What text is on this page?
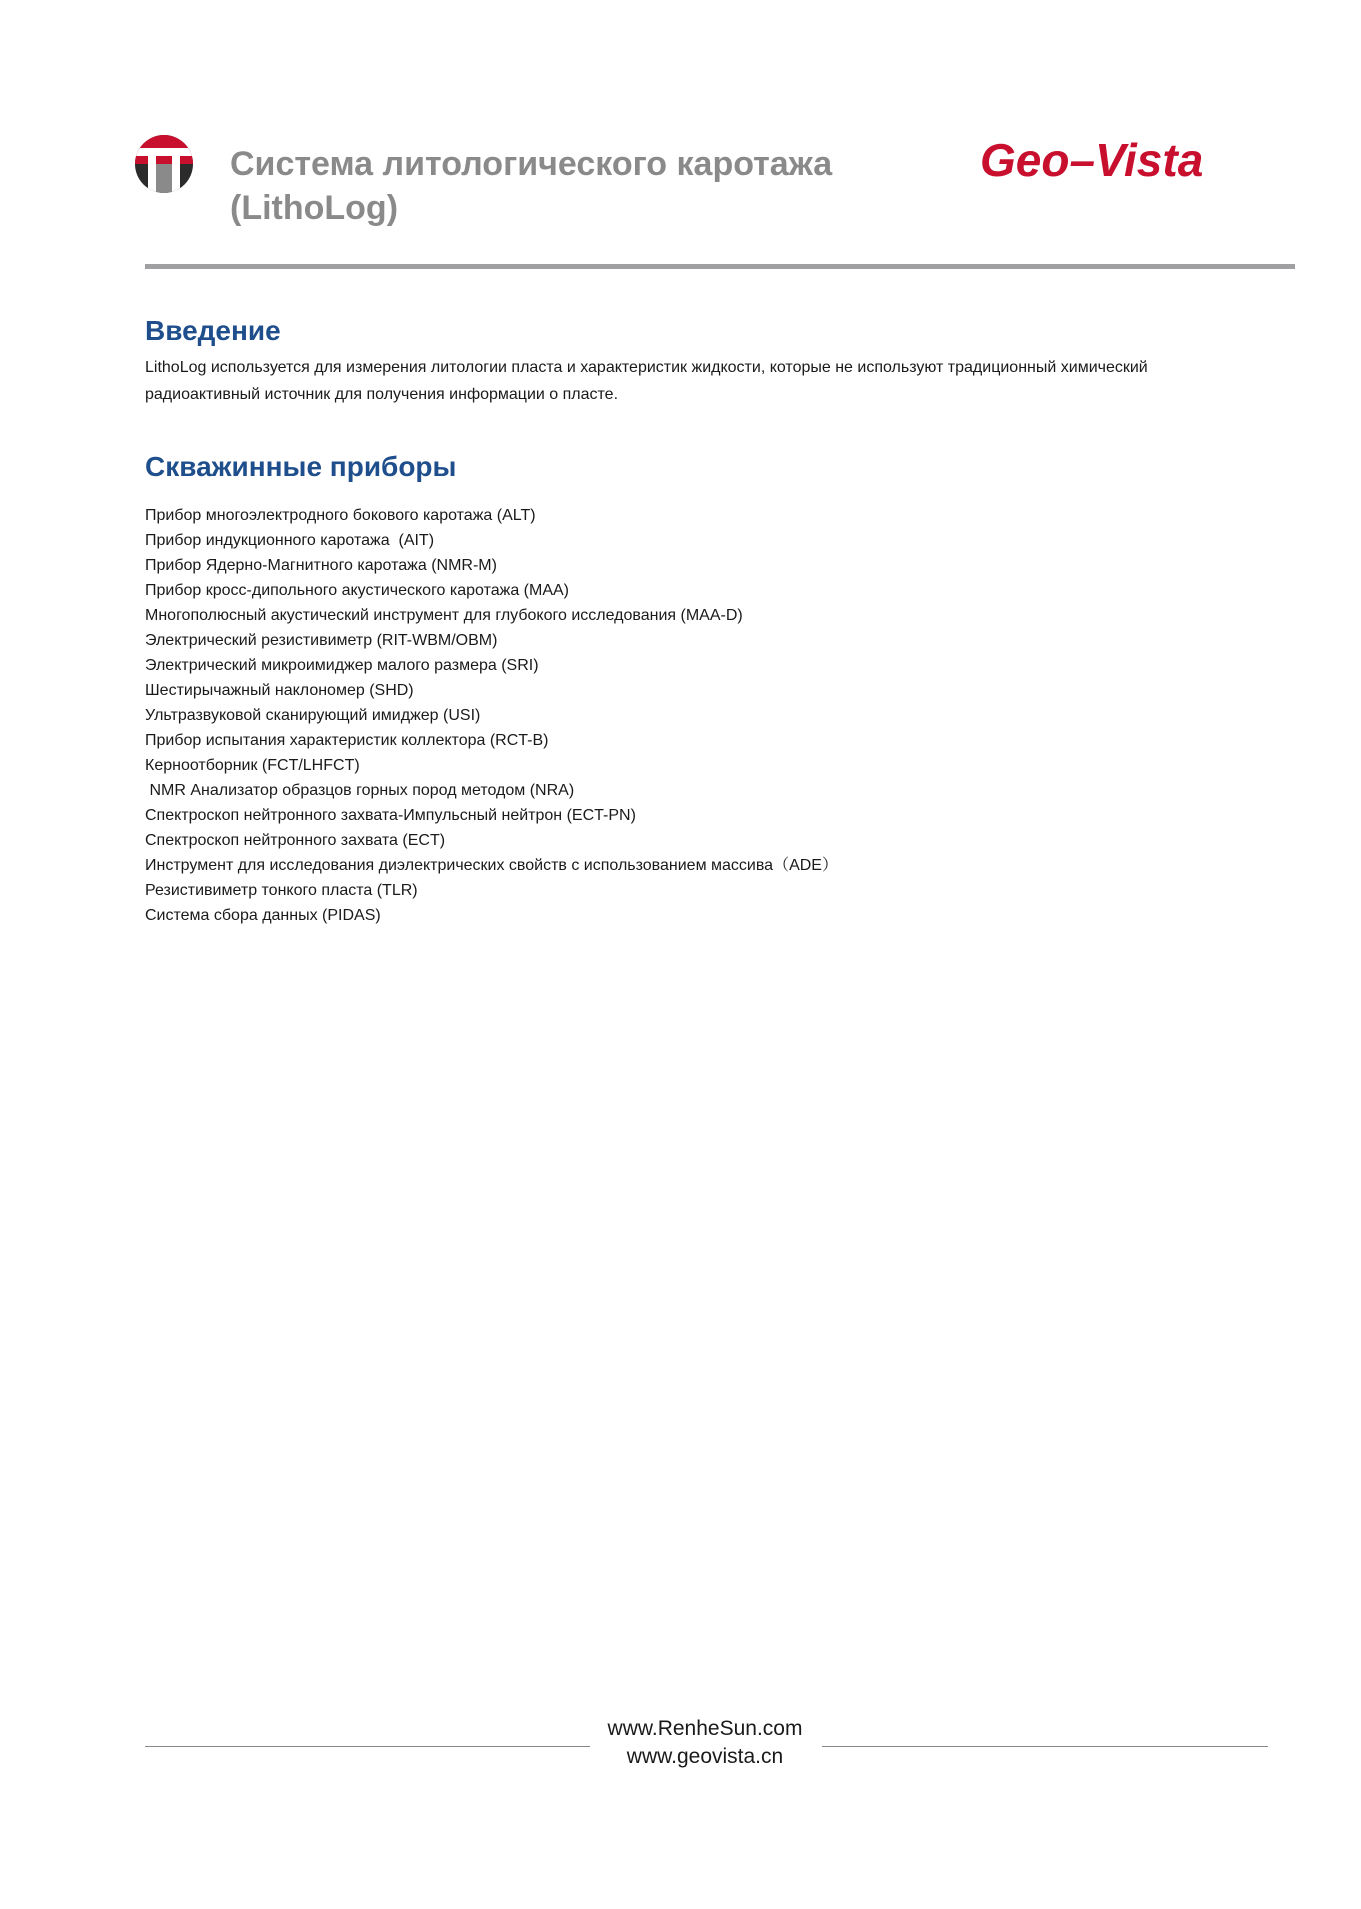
Система литологического каротажа
(LithoLog)
Geo–Vista
Введение
LithoLog используется для измерения литологии пласта и характеристик жидкости, которые не используют традиционный химический радиоактивный источник для получения информации о пласте.
Скважинные приборы
Прибор многоэлектродного бокового каротажа (ALT)
Прибор индукционного каротажа  (AIT)
Прибор Ядерно-Магнитного каротажа (NMR-M)
Прибор кросс-дипольного акустического каротажа (MAA)
Многополюсный акустический инструмент для глубокого исследования (MAA-D)
Электрический резистивиметр (RIT-WBM/OBM)
Электрический микроимиджер малого размера (SRI)
Шестирычажный наклономер (SHD)
Ультразвуковой сканирующий имиджер (USI)
Прибор испытания характеристик коллектора (RCT-B)
Керноотборник (FCT/LHFCT)
NMR Анализатор образцов горных пород методом (NRA)
Спектроскоп нейтронного захвата-Импульсный нейтрон (ECT-PN)
Спектроскоп нейтронного захвата (ECT)
Инструмент для исследования диэлектрических свойств с использованием массива（ADE）
Резистивиметр тонкого пласта (TLR)
Система сбора данных (PIDAS)
www.RenheSun.com
www.geovista.cn
